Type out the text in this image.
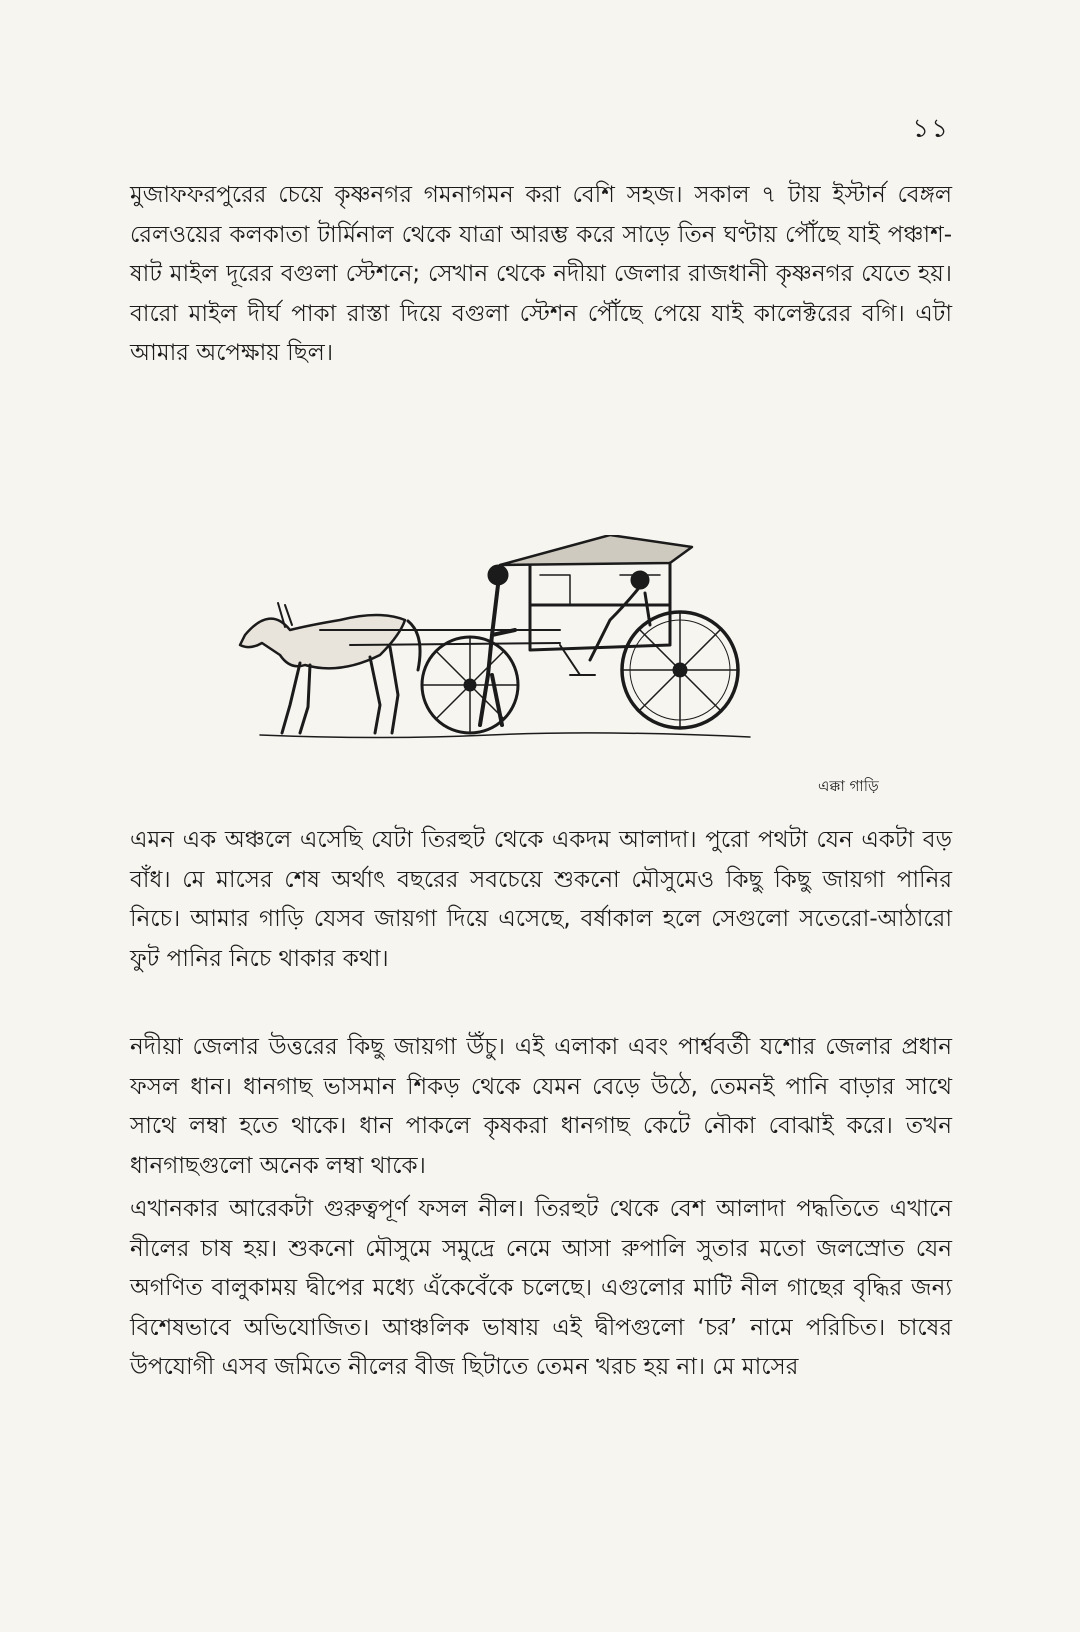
১১

মুজাফফরপুরের চেয়ে কৃষ্ণনগর গমনাগমন করা বেশি সহজ। সকাল ৭ টায় ইস্টার্ন বেঙ্গল রেলওয়ের কলকাতা টার্মিনাল থেকে যাত্রা আরম্ভ করে সাড়ে তিন ঘণ্টায় পৌঁছে যাই পঞ্চাশ-ষাট মাইল দূরের বগুলা স্টেশনে; সেখান থেকে নদীয়া জেলার রাজধানী কৃষ্ণনগর যেতে হয়। বারো মাইল দীর্ঘ পাকা রাস্তা দিয়ে বগুলা স্টেশন পৌঁছে পেয়ে যাই কালেক্টরের বগি। এটা আমার অপেক্ষায় ছিল।

এক্কা গাড়ি

এমন এক অঞ্চলে এসেছি যেটা তিরহুট থেকে একদম আলাদা। পুরো পথটা যেন একটা বড় বাঁধ। মে মাসের শেষ অর্থাৎ বছরের সবচেয়ে শুকনো মৌসুমেও কিছু কিছু জায়গা পানির নিচে। আমার গাড়ি যেসব জায়গা দিয়ে এসেছে, বর্ষাকাল হলে সেগুলো সতেরো-আঠারো ফুট পানির নিচে থাকার কথা।

নদীয়া জেলার উত্তরের কিছু জায়গা উঁচু। এই এলাকা এবং পার্শ্ববর্তী যশোর জেলার প্রধান ফসল ধান। ধানগাছ ভাসমান শিকড় থেকে যেমন বেড়ে উঠে, তেমনই পানি বাড়ার সাথে সাথে লম্বা হতে থাকে। ধান পাকলে কৃষকরা ধানগাছ কেটে নৌকা বোঝাই করে। তখন ধানগাছগুলো অনেক লম্বা থাকে।

এখানকার আরেকটা গুরুত্বপূর্ণ ফসল নীল। তিরহুট থেকে বেশ আলাদা পদ্ধতিতে এখানে নীলের চাষ হয়। শুকনো মৌসুমে সমুদ্রে নেমে আসা রুপালি সুতার মতো জলস্রোত যেন অগণিত বালুকাময় দ্বীপের মধ্যে এঁকেবেঁকে চলেছে। এগুলোর মাটি নীল গাছের বৃদ্ধির জন্য বিশেষভাবে অভিযোজিত। আঞ্চলিক ভাষায় এই দ্বীপগুলো ‘চর’ নামে পরিচিত। চাষের উপযোগী এসব জমিতে নীলের বীজ ছিটাতে তেমন খরচ হয় না। মে মাসের
